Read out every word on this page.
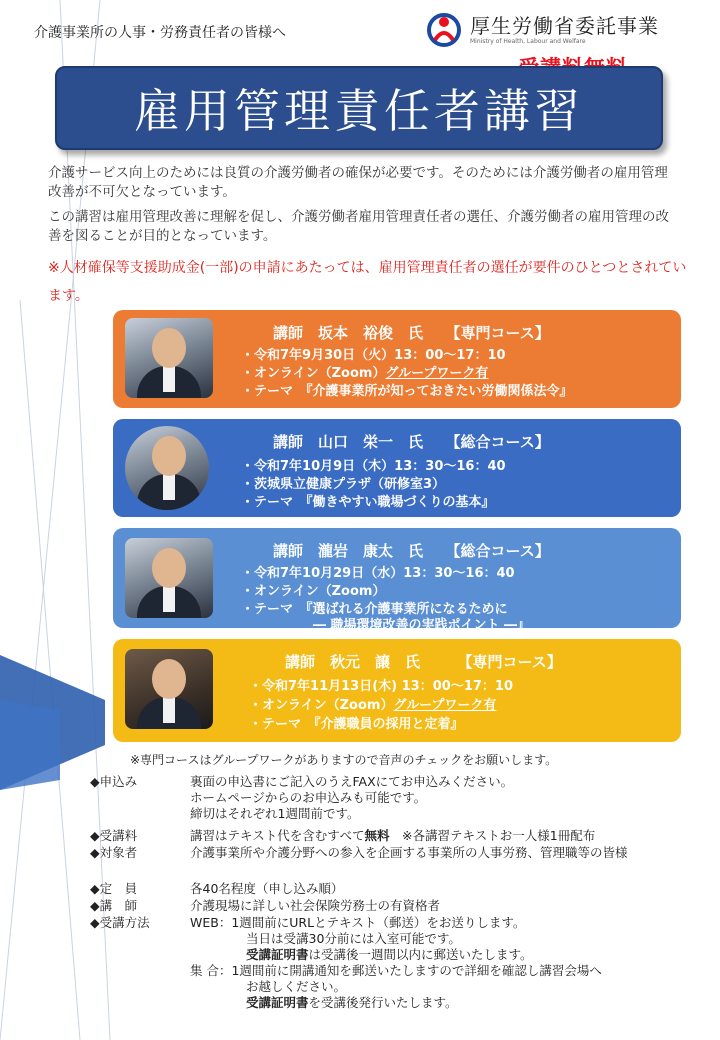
介護事業所の人事・労務責任者の皆様へ	厚生労働省委託事業
Ministry of Health, Labour and Welfare
雇用管理責任者講習
介護サービス向上のためには良質の介護労働者の確保が必要です。そのためには介護労働者の雇用管理改善が不可欠となっています。
この講習は雇用管理改善に理解を促し、介護労働者雇用管理責任者の選任、介護労働者の雇用管理の改善を図ることが目的となっています。
※人材確保等支援助成金(一部)の申請にあたっては、雇用管理責任者の選任が要件のひとつとされています。
講師　坂本　裕俊　氏　　【専門コース】
・令和7年9月30日（火）13：00～17：10
・オンライン（Zoom）グループワーク有
・テーマ　『介護事業所が知っておきたい労働関係法令』
講師　山口　栄一　氏　　【総合コース】
・令和7年10月9日（木）13：30～16：40
・茨城県立健康プラザ（研修室3）
・テーマ　『働きやすい職場づくりの基本』
講師　瀧岩　康太　氏　　【総合コース】
・令和7年10月29日（水）13：30～16：40
・オンライン（Zoom）
・テーマ　『選ばれる介護事業所になるために
― 職場環境改善の実践ポイント ―』
講師　秋元　譲　氏　　　【専門コース】
・令和7年11月13日(木) 13：00～17：10
・オンライン（Zoom）グループワーク有
・テーマ　『介護職員の採用と定着』
※専門コースはグループワークがありますので音声のチェックをお願いします。
◆申込み	裏面の申込書にご記入のうえFAXにてお申込みください。
ホームページからのお申込みも可能です。
締切はそれぞれ1週間前です。
◆受講料	講習はテキスト代を含むすべて無料　 ※各講習テキストお一人様1冊配布
◆対象者	介護事業所や介護分野への参入を企画する事業所の人事労務、管理職等の皆様
◆定　員	各40名程度（申し込み順）
◆講　師	介護現場に詳しい社会保険労務士の有資格者
◆受講方法	WEB：1週間前にURLとテキスト（郵送）をお送りします。
当日は受講30分前には入室可能です。
受講証明書は受講後一週間以内に郵送いたします。
集 合：1週間前に開講通知を郵送いたしますので詳細を確認し講習会場へ
お越しください。
受講証明書を受講後発行いたします。
